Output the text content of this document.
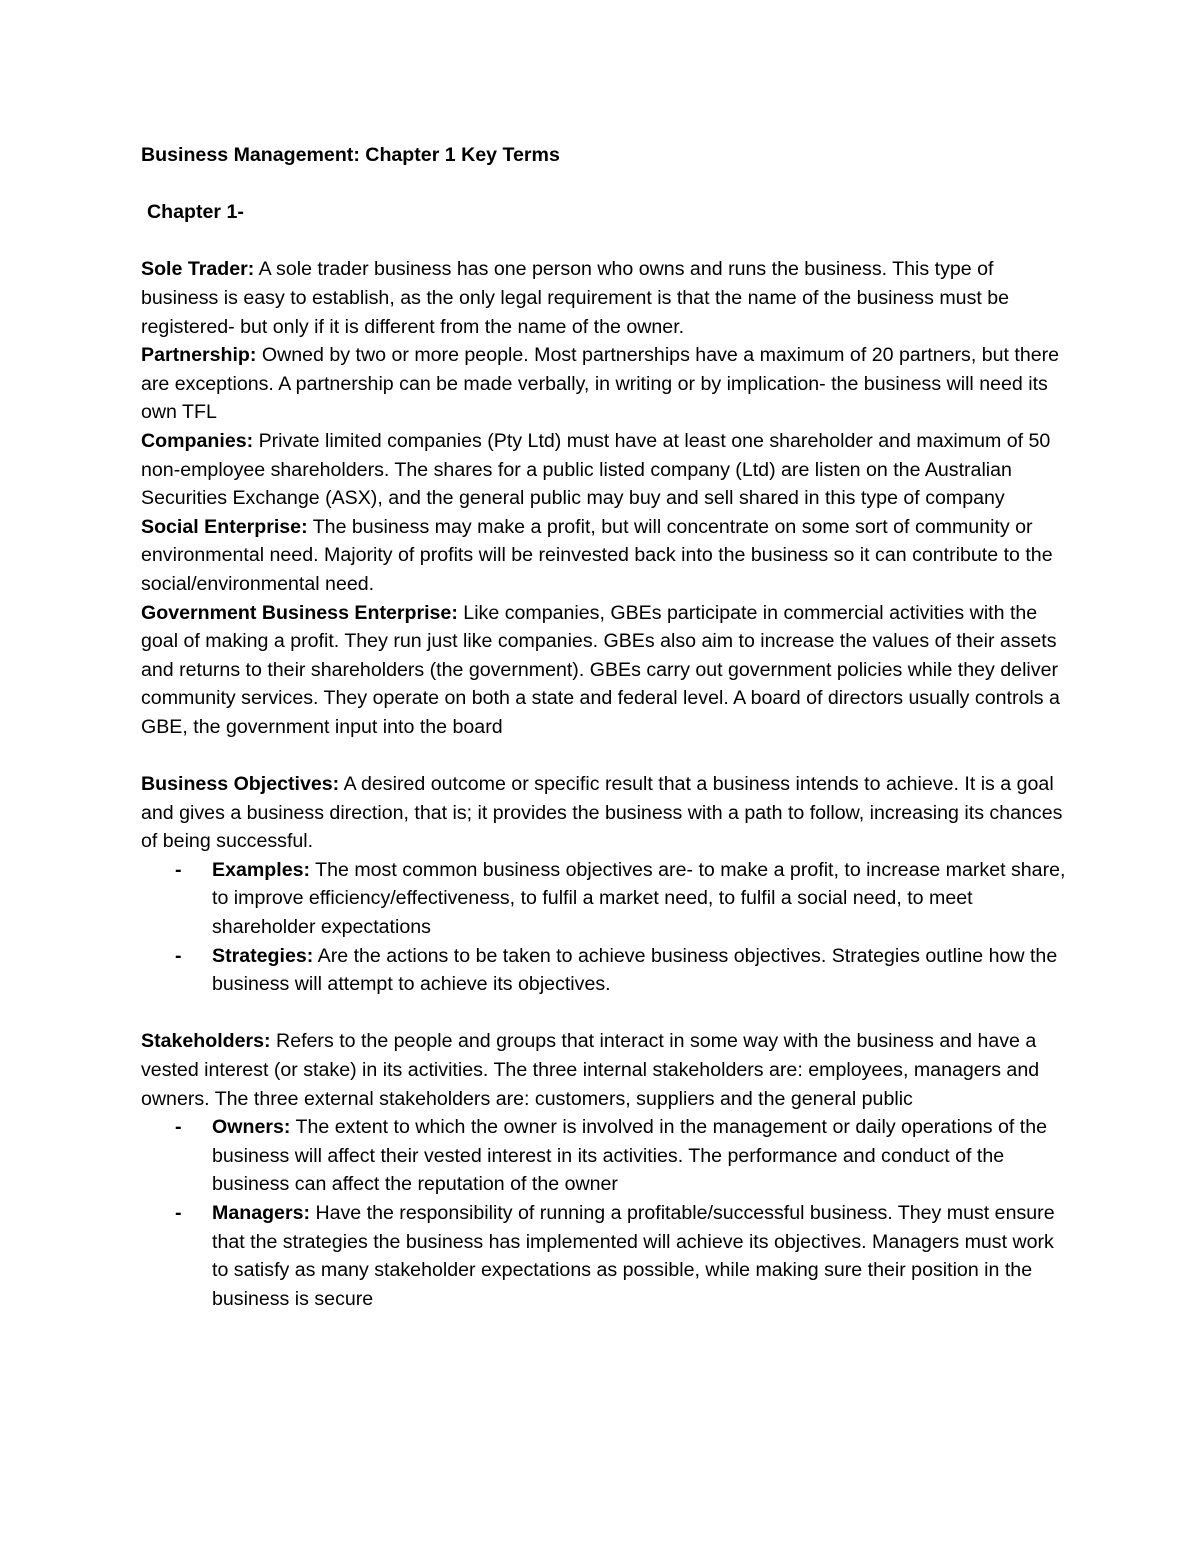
Business Management: Chapter 1 Key Terms

Chapter 1-

Sole Trader: A sole trader business has one person who owns and runs the business. This type of business is easy to establish, as the only legal requirement is that the name of the business must be registered- but only if it is different from the name of the owner.

Partnership: Owned by two or more people. Most partnerships have a maximum of 20 partners, but there are exceptions. A partnership can be made verbally, in writing or by implication- the business will need its own TFL

Companies: Private limited companies (Pty Ltd) must have at least one shareholder and maximum of 50 non-employee shareholders. The shares for a public listed company (Ltd) are listen on the Australian Securities Exchange (ASX), and the general public may buy and sell shared in this type of company

Social Enterprise: The business may make a profit, but will concentrate on some sort of community or environmental need. Majority of profits will be reinvested back into the business so it can contribute to the social/environmental need.

Government Business Enterprise: Like companies, GBEs participate in commercial activities with the goal of making a profit. They run just like companies. GBEs also aim to increase the values of their assets and returns to their shareholders (the government). GBEs carry out government policies while they deliver community services. They operate on both a state and federal level. A board of directors usually controls a GBE, the government input into the board

Business Objectives: A desired outcome or specific result that a business intends to achieve. It is a goal and gives a business direction, that is; it provides the business with a path to follow, increasing its chances of being successful.

- Examples: The most common business objectives are- to make a profit, to increase market share, to improve efficiency/effectiveness, to fulfil a market need, to fulfil a social need, to meet shareholder expectations

- Strategies: Are the actions to be taken to achieve business objectives. Strategies outline how the business will attempt to achieve its objectives.

Stakeholders: Refers to the people and groups that interact in some way with the business and have a vested interest (or stake) in its activities. The three internal stakeholders are: employees, managers and owners. The three external stakeholders are: customers, suppliers and the general public

- Owners: The extent to which the owner is involved in the management or daily operations of the business will affect their vested interest in its activities. The performance and conduct of the business can affect the reputation of the owner

- Managers: Have the responsibility of running a profitable/successful business. They must ensure that the strategies the business has implemented will achieve its objectives. Managers must work to satisfy as many stakeholder expectations as possible, while making sure their position in the business is secure
